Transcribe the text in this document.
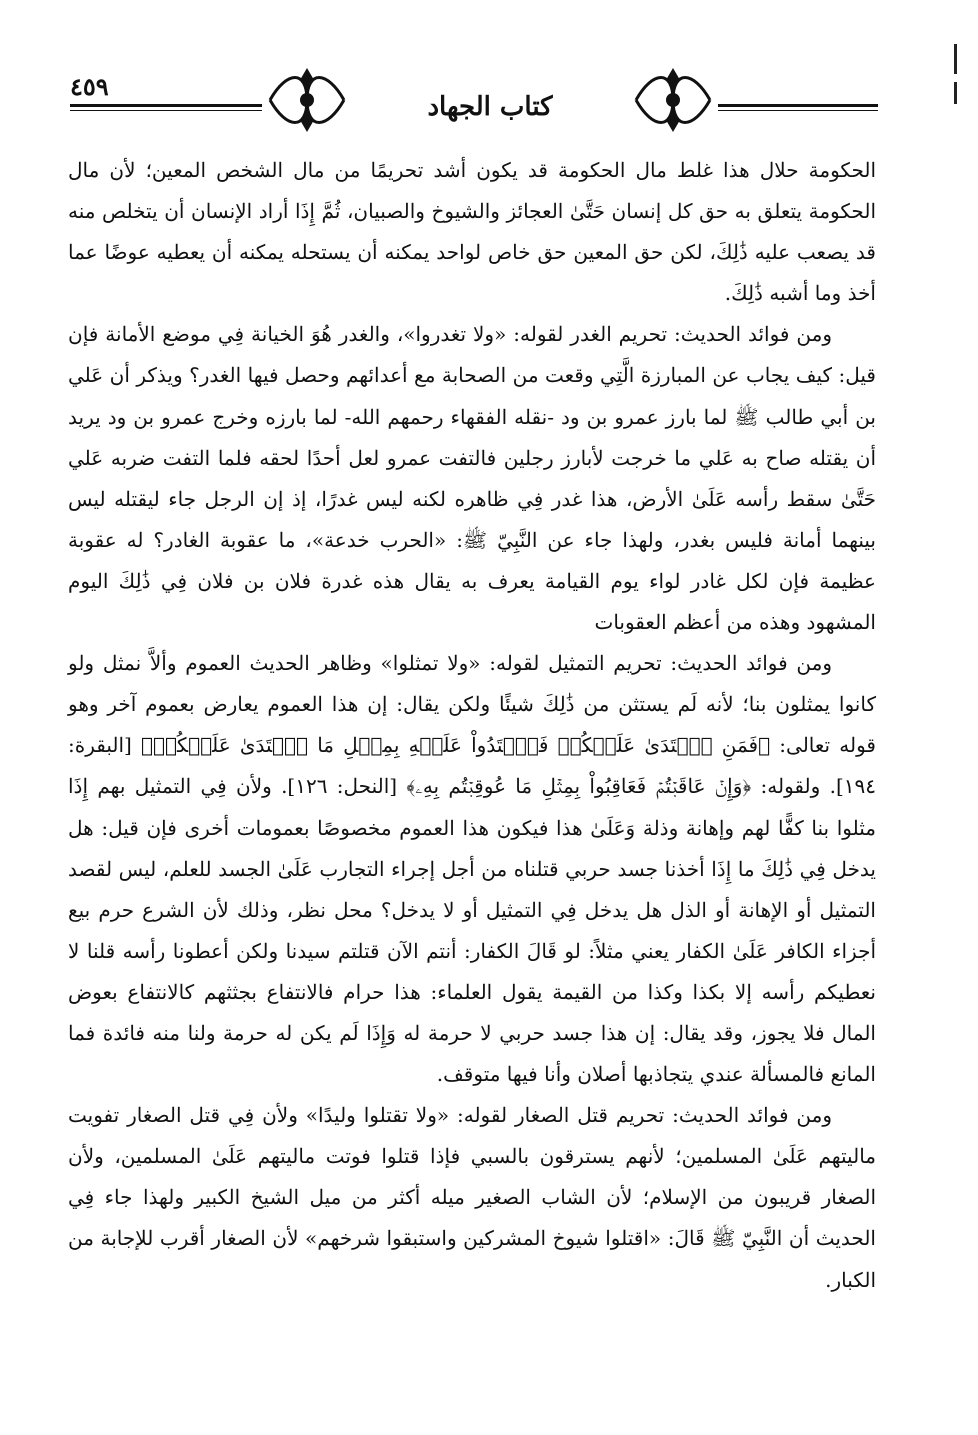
٤٥٩
كتاب الجهاد

الحكومة حلال هذا غلط مال الحكومة قد يكون أشد تحريمًا من مال الشخص المعين؛ لأن مال الحكومة يتعلق به حق كل إنسان حَتَّىٰ العجائز والشيوخ والصبيان، ثُمَّ إِذَا أراد الإنسان أن يتخلص منه قد يصعب عليه ذَٰلِكَ، لكن حق المعين حق خاص لواحد يمكنه أن يستحله يمكنه أن يعطيه عوضًا عما أخذ وما أشبه ذَٰلِكَ.

ومن فوائد الحديث: تحريم الغدر لقوله: «ولا تغدروا»، والغدر هُوَ الخيانة فِي موضع الأمانة فإن قيل: كيف يجاب عن المبارزة الَّتِي وقعت من الصحابة مع أعدائهم وحصل فيها الغدر؟ ويذكر أن عَلي بن أبي طالب ﷺ لما بارز عمرو بن ود -نقله الفقهاء رحمهم الله- لما بارزه وخرج عمرو بن ود يريد أن يقتله صاح به عَلي ما خرجت لأبارز رجلين فالتفت عمرو لعل أحدًا لحقه فلما التفت ضربه عَلي حَتَّىٰ سقط رأسه عَلَىٰ الأرض، هذا غدر فِي ظاهره لكنه ليس غدرًا، إذ إن الرجل جاء ليقتله ليس بينهما أمانة فليس بغدر، ولهذا جاء عن النَّبِيّ ﷺ: «الحرب خدعة»، ما عقوبة الغادر؟ له عقوبة عظيمة فإن لكل غادر لواء يوم القيامة يعرف به يقال هذه غدرة فلان بن فلان فِي ذَٰلِكَ اليوم المشهود وهذه من أعظم العقوبات

ومن فوائد الحديث: تحريم التمثيل لقوله: «ولا تمثلوا» وظاهر الحديث العموم وألاَّ نمثل ولو كانوا يمثلون بنا؛ لأنه لَم يستثن من ذَٰلِكَ شيئًا ولكن يقال: إن هذا العموم يعارض بعموم آخر وهو قوله تعالى: ﴿فَمَنِ ٱعۡتَدَىٰ عَلَيۡكُمۡ فَٱعۡتَدُواْ عَلَيۡهِ بِمِثۡلِ مَا ٱعۡتَدَىٰ عَلَيۡكُمۡ﴾ [البقرة: ١٩٤]. ولقوله: ﴿وَإِنۡ عَاقَبۡتُمۡ فَعَاقِبُواْ بِمِثۡلِ مَا عُوقِبۡتُم بِهِۦ﴾ [النحل: ١٢٦]. ولأن فِي التمثيل بهم إِذَا مثلوا بنا كفًّا لهم وإهانة وذلة وَعَلَىٰ هذا فيكون هذا العموم مخصوصًا بعمومات أخرى فإن قيل: هل يدخل فِي ذَٰلِكَ ما إِذَا أخذنا جسد حربي قتلناه من أجل إجراء التجارب عَلَىٰ الجسد للعلم، ليس لقصد التمثيل أو الإهانة أو الذل هل يدخل فِي التمثيل أو لا يدخل؟ محل نظر، وذلك لأن الشرع حرم بيع أجزاء الكافر عَلَىٰ الكفار يعني مثلاً: لو قَالَ الكفار: أنتم الآن قتلتم سيدنا ولكن أعطونا رأسه قلنا لا نعطيكم رأسه إلا بكذا وكذا من القيمة يقول العلماء: هذا حرام فالانتفاع بجثثهم كالانتفاع بعوض المال فلا يجوز، وقد يقال: إن هذا جسد حربي لا حرمة له وَإِذَا لَم يكن له حرمة ولنا منه فائدة فما المانع فالمسألة عندي يتجاذبها أصلان وأنا فيها متوقف.

ومن فوائد الحديث: تحريم قتل الصغار لقوله: «ولا تقتلوا وليدًا» ولأن فِي قتل الصغار تفويت ماليتهم عَلَىٰ المسلمين؛ لأنهم يسترقون بالسبي فإذا قتلوا فوتت ماليتهم عَلَىٰ المسلمين، ولأن الصغار قريبون من الإسلام؛ لأن الشاب الصغير ميله أكثر من ميل الشيخ الكبير ولهذا جاء فِي الحديث أن النَّبِيّ ﷺ قَالَ: «اقتلوا شيوخ المشركين واستبقوا شرخهم» لأن الصغار أقرب للإجابة من الكبار.
